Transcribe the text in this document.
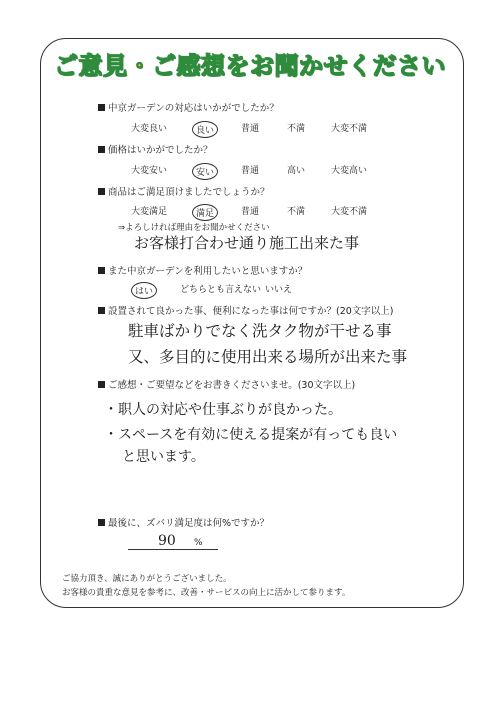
ご意見・ご感想をお聞かせください
中京ガーデンの対応はいかがでしたか？
大変良い	良い	普通	不満	大変不満
価格はいかがでしたか？
大変安い	安い	普通	高い	大変高い
商品はご満足頂けましたでしょうか？
大変満足	満足	普通	不満	大変不満
⇒よろしければ理由をお聞かせください
お客様打合わせ通り施工出来た事
また中京ガーデンを利用したいと思いますか？
はい	どちらとも言えない いいえ
設置されて良かった事、便利になった事は何ですか？(20文字以上)
駐車ばかりでなく洗タク物が干せる事
又、多目的に使用出来る場所が出来た事
ご感想・ご要望などをお書きくださいませ。(30文字以上)
・职人の対応や仕事ぶりが良かった。
・スペースを有効に使える提案が有っても良い
と思います。
最後に、ズバリ満足度は何%ですか？
90 %
ご協力頂き、誠にありがとうございました。
お客様の貴重な意見を参考に、改善・サービスの向上に活かして参ります。
